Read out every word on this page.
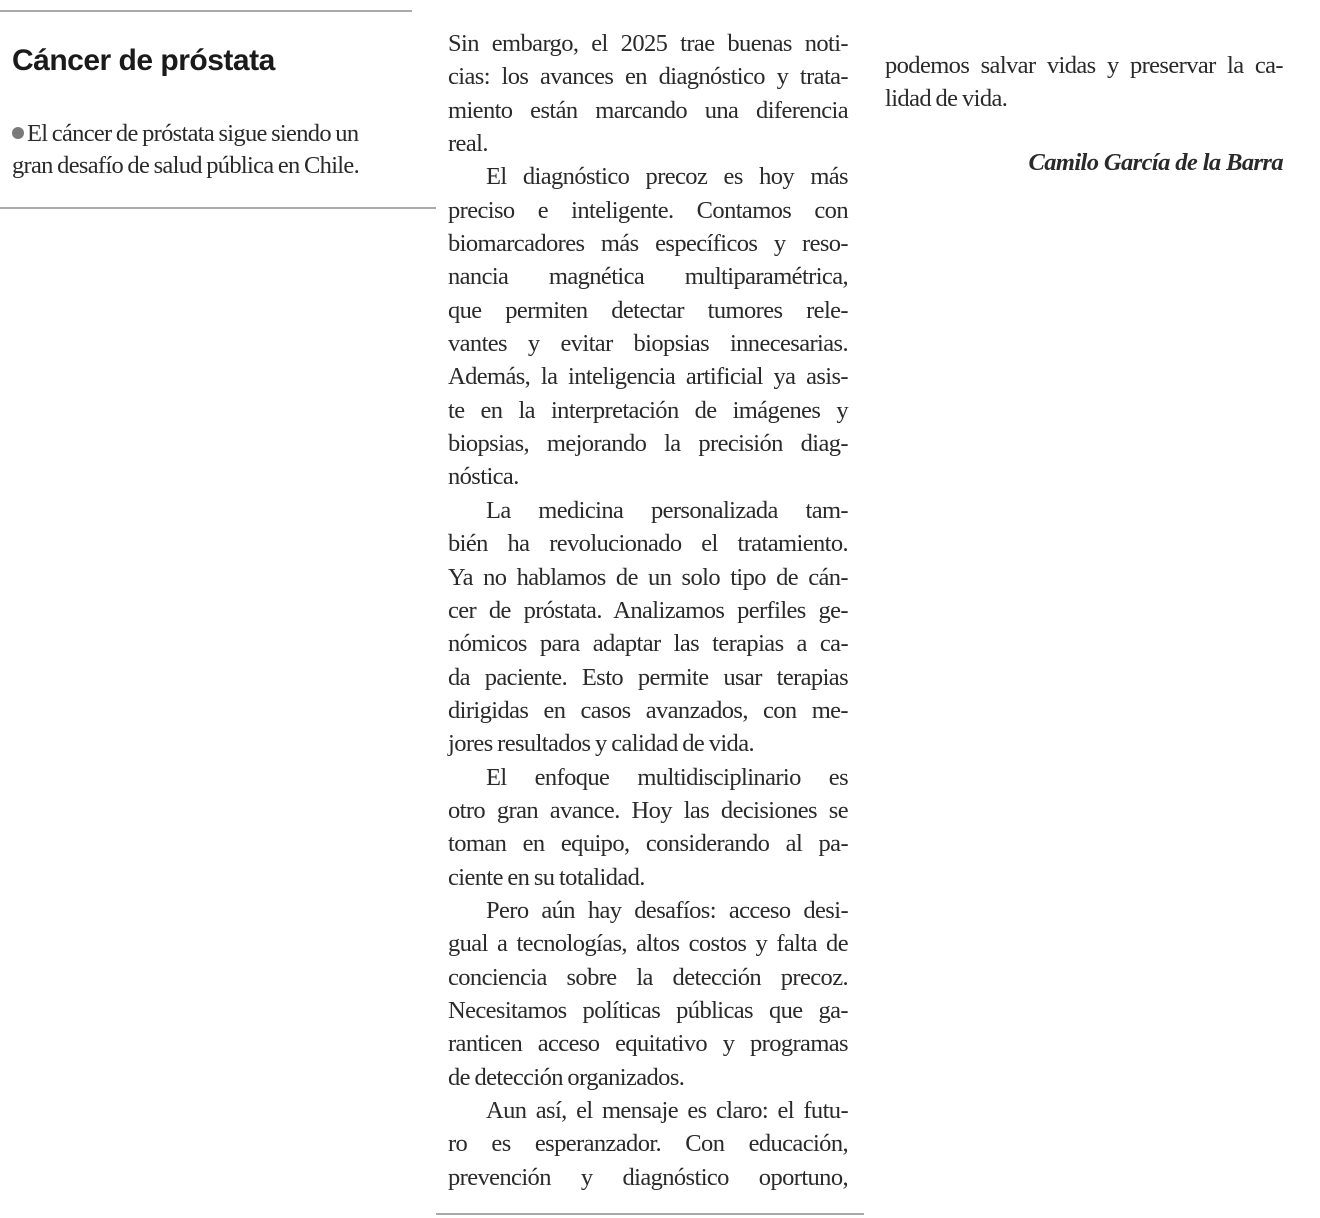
Cáncer de próstata

El cáncer de próstata sigue siendo un
gran desafío de salud pública en Chile.

Sin embargo, el 2025 trae buenas noti-
cias: los avances en diagnóstico y trata-
miento están marcando una diferencia
real.
El diagnóstico precoz es hoy más
preciso e inteligente. Contamos con
biomarcadores más específicos y reso-
nancia magnética multiparamétrica,
que permiten detectar tumores rele-
vantes y evitar biopsias innecesarias.
Además, la inteligencia artificial ya asis-
te en la interpretación de imágenes y
biopsias, mejorando la precisión diag-
nóstica.
La medicina personalizada tam-
bién ha revolucionado el tratamiento.
Ya no hablamos de un solo tipo de cán-
cer de próstata. Analizamos perfiles ge-
nómicos para adaptar las terapias a ca-
da paciente. Esto permite usar terapias
dirigidas en casos avanzados, con me-
jores resultados y calidad de vida.
El enfoque multidisciplinario es
otro gran avance. Hoy las decisiones se
toman en equipo, considerando al pa-
ciente en su totalidad.
Pero aún hay desafíos: acceso desi-
gual a tecnologías, altos costos y falta de
conciencia sobre la detección precoz.
Necesitamos políticas públicas que ga-
ranticen acceso equitativo y programas
de detección organizados.
Aun así, el mensaje es claro: el futu-
ro es esperanzador. Con educación,
prevención y diagnóstico oportuno,
podemos salvar vidas y preservar la ca-
lidad de vida.

Camilo García de la Barra
